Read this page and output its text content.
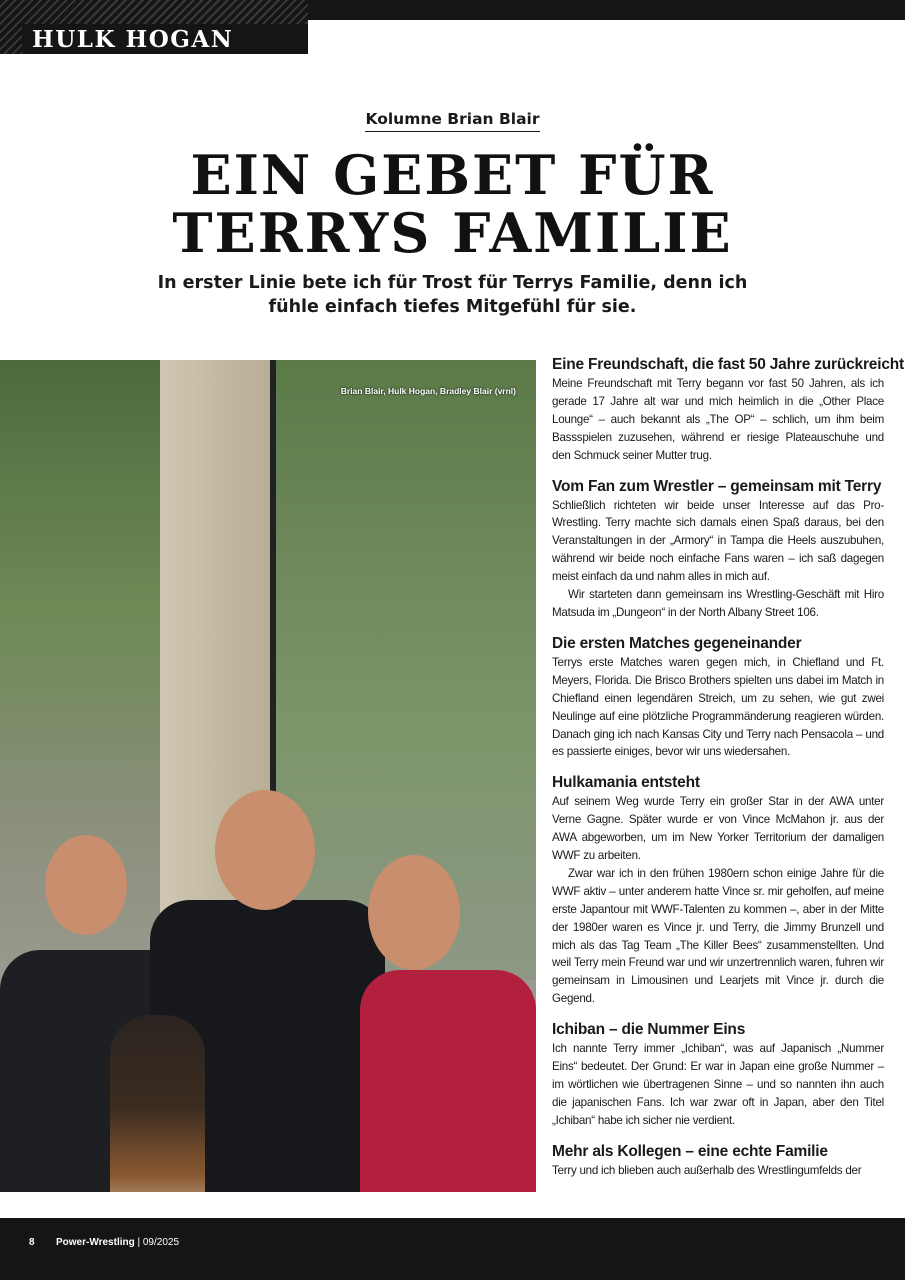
HULK HOGAN
Kolumne Brian Blair
EIN GEBET FÜR
TERRYS FAMILIE
In erster Linie bete ich für Trost für Terrys Familie, denn ich fühle einfach tiefes Mitgefühl für sie.
Brian Blair, Hulk Hogan, Bradley Blair (vrnl)
Eine Freundschaft, die fast 50 Jahre zurückreicht

Meine Freundschaft mit Terry begann vor fast 50 Jahren, als ich gerade 17 Jahre alt war und mich heimlich in die „Other Place Lounge“ – auch bekannt als „The OP“ – schlich, um ihm beim Bassspielen zuzusehen, während er riesige Plateauschuhe und den Schmuck seiner Mutter trug.

Vom Fan zum Wrestler – gemeinsam mit Terry

Schließlich richteten wir beide unser Interesse auf das Pro-Wrestling. Terry machte sich damals einen Spaß daraus, bei den Veranstaltungen in der „Armory“ in Tampa die Heels auszubuhen, während wir beide noch einfache Fans waren – ich saß dagegen meist einfach da und nahm alles in mich auf.

Wir starteten dann gemeinsam ins Wrestling-Geschäft mit Hiro Matsuda im „Dungeon“ in der North Albany Street 106.

Die ersten Matches gegeneinander

Terrys erste Matches waren gegen mich, in Chiefland und Ft. Meyers, Florida. Die Brisco Brothers spielten uns dabei im Match in Chiefland einen legendären Streich, um zu sehen, wie gut zwei Neulinge auf eine plötzliche Programmänderung reagieren würden. Danach ging ich nach Kansas City und Terry nach Pensacola – und es passierte einiges, bevor wir uns wiedersahen.

Hulkamania entsteht

Auf seinem Weg wurde Terry ein großer Star in der AWA unter Verne Gagne. Später wurde er von Vince McMahon jr. aus der AWA abgeworben, um im New Yorker Territorium der damaligen WWF zu arbeiten.

Zwar war ich in den frühen 1980ern schon einige Jahre für die WWF aktiv – unter anderem hatte Vince sr. mir geholfen, auf meine erste Japantour mit WWF-Talenten zu kommen –, aber in der Mitte der 1980er waren es Vince jr. und Terry, die Jimmy Brunzell und mich als das Tag Team „The Killer Bees“ zusammenstellten. Und weil Terry mein Freund war und wir unzertrennlich waren, fuhren wir gemeinsam in Limousinen und Learjets mit Vince jr. durch die Gegend.

Ichiban – die Nummer Eins

Ich nannte Terry immer „Ichiban“, was auf Japanisch „Nummer Eins“ bedeutet. Der Grund: Er war in Japan eine große Nummer – im wörtlichen wie übertragenen Sinne – und so nannten ihn auch die japanischen Fans. Ich war zwar oft in Japan, aber den Titel „Ichiban“ habe ich sicher nie verdient.

Mehr als Kollegen – eine echte Familie

Terry und ich blieben auch außerhalb des Wrestlingumfelds der

8 Power-Wrestling | 09/2025
